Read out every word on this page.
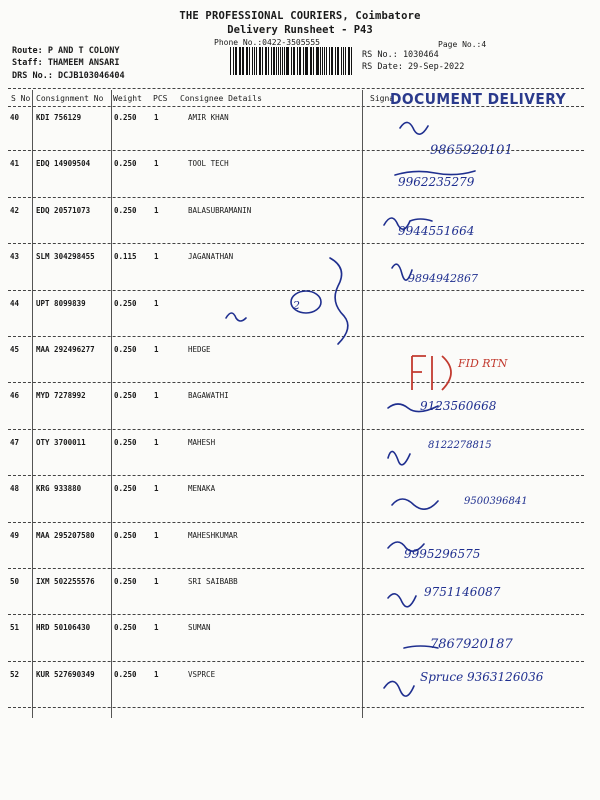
THE PROFESSIONAL COURIERS, Coimbatore
Delivery Runsheet - P43
Phone No.:0422-3505555	Page No.:4
Route: P AND T COLONY
Staff: THAMEEM ANSARI
DRS No.: DCJB103046404
RS No.: 1030464
RS Date: 29-Sep-2022
S No Consignment No Weight PCS Consignee Details	Signa
DOCUMENT DELIVERY
40 KDI 756129	0.250 1	AMIR KHAN
9865920101
41 EDQ 14909504	0.250 1	TOOL TECH
9962235279
42 EDQ 20571073	0.250 1	BALASUBRAMANIN
9944551664
43 SLM 304298455	0.115 1	JAGANATHAN
9894942867
44 UPT 8099839	0.250 1	2
45 MAA 292496277	0.250 1	HEDGE
FID RTN
46 MYD 7278992	0.250 1	BAGAWATHI
9123560668
47 OTY 3700011	0.250 1	MAHESH	8122278815
48 KRG 933880	0.250 1	MENAKA
9500396841
49 MAA 295207580	0.250 1	MAHESHKUMAR
9995296575
50 IXM 502255576	0.250 1	SRI SAIBABB
9751146087
51 HRD 50106430	0.250 1	SUMAN
7867920187
52 KUR 527690349	0.250 1	VSPRCE	Spruce 9363126036
